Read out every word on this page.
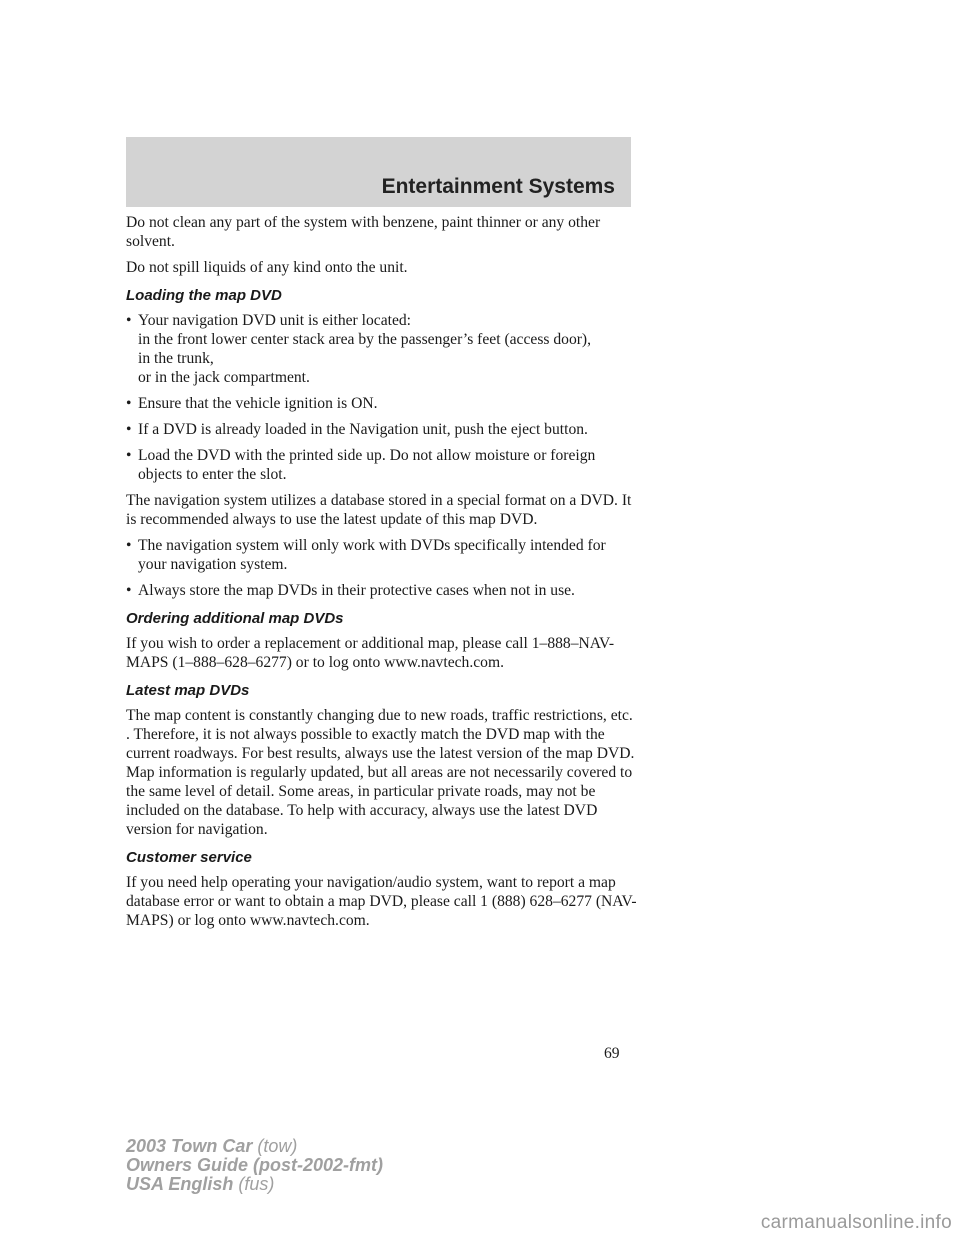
Entertainment Systems

Do not clean any part of the system with benzene, paint thinner or any other solvent.

Do not spill liquids of any kind onto the unit.

Loading the map DVD
• Your navigation DVD unit is either located:
in the front lower center stack area by the passenger’s feet (access door),
in the trunk,
or in the jack compartment.
• Ensure that the vehicle ignition is ON.
• If a DVD is already loaded in the Navigation unit, push the eject button.
• Load the DVD with the printed side up. Do not allow moisture or foreign objects to enter the slot.

The navigation system utilizes a database stored in a special format on a DVD. It is recommended always to use the latest update of this map DVD.

• The navigation system will only work with DVDs specifically intended for your navigation system.
• Always store the map DVDs in their protective cases when not in use.
Ordering additional map DVDs

If you wish to order a replacement or additional map, please call 1–888–NAV-MAPS (1–888–628–6277) or to log onto www.navtech.com.

Latest map DVDs

The map content is constantly changing due to new roads, traffic restrictions, etc. . Therefore, it is not always possible to exactly match the DVD map with the current roadways. For best results, always use the latest version of the map DVD. Map information is regularly updated, but all areas are not necessarily covered to the same level of detail. Some areas, in particular private roads, may not be included on the database. To help with accuracy, always use the latest DVD version for navigation.

Customer service

If you need help operating your navigation/audio system, want to report a map database error or want to obtain a map DVD, please call 1 (888) 628–6277 (NAV-MAPS) or log onto www.navtech.com.

69
2003 Town Car (tow)
Owners Guide (post-2002-fmt)
USA English (fus)
carmanualsonline.info
